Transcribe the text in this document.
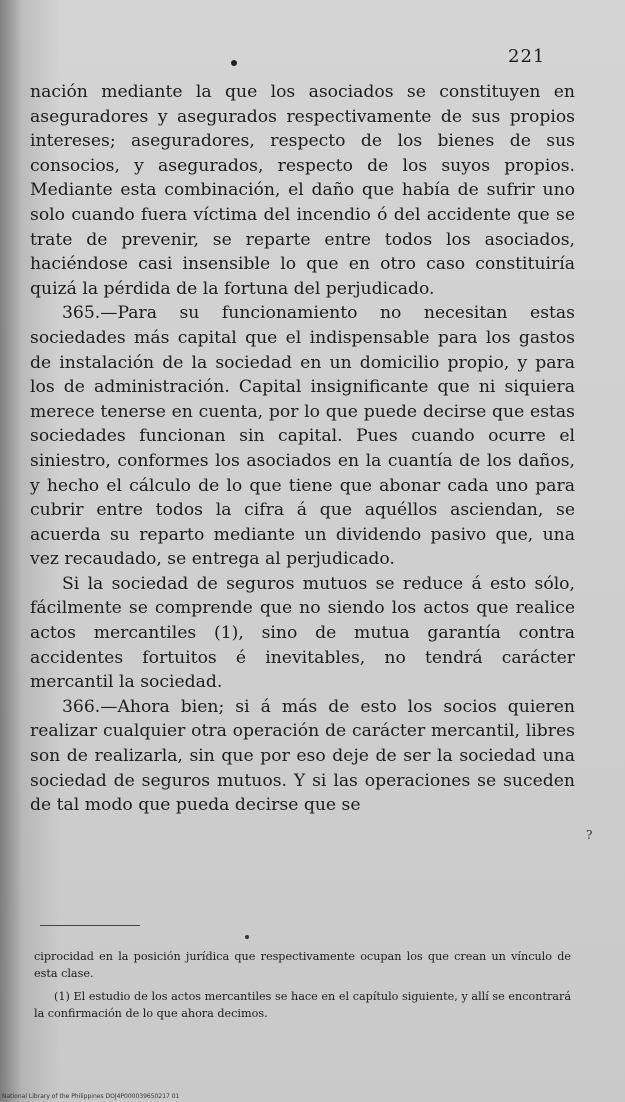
221

nación mediante la que los asociados se constituyen en aseguradores y asegurados respectivamente de sus propios intereses; aseguradores, respecto de los bienes de sus consocios, y asegurados, respecto de los suyos propios. Mediante esta combinación, el daño que había de sufrir uno solo cuando fuera víctima del incendio ó del accidente que se trate de prevenir, se reparte entre todos los asociados, haciéndose casi insensible lo que en otro caso constituiría quizá la pérdida de la fortuna del perjudicado.

365.—Para su funcionamiento no necesitan estas sociedades más capital que el indispensable para los gastos de instalación de la sociedad en un domicilio propio, y para los de administración. Capital insignificante que ni siquiera merece tenerse en cuenta, por lo que puede decirse que estas sociedades funcionan sin capital. Pues cuando ocurre el siniestro, conformes los asociados en la cuantía de los daños, y hecho el cálculo de lo que tiene que abonar cada uno para cubrir entre todos la cifra á que aquéllos asciendan, se acuerda su reparto mediante un dividendo pasivo que, una vez recaudado, se entrega al perjudicado.

Si la sociedad de seguros mutuos se reduce á esto sólo, fácilmente se comprende que no siendo los actos que realice actos mercantiles (1), sino de mutua garantía contra accidentes fortuitos é inevitables, no tendrá carácter mercantil la sociedad.

366.—Ahora bien; si á más de esto los socios quieren realizar cualquier otra operación de carácter mercantil, libres son de realizarla, sin que por eso deje de ser la sociedad una sociedad de seguros mutuos. Y si las operaciones se suceden de tal modo que pueda decirse que se

?

ciprocidad en la posición jurídica que respectivamente ocupan los que crean un vínculo de esta clase.

(1) El estudio de los actos mercantiles se hace en el capítulo siguiente, y allí se encontrará la confirmación de lo que ahora decimos.

National Library of the Philippines DOJ4P000039650217 01
